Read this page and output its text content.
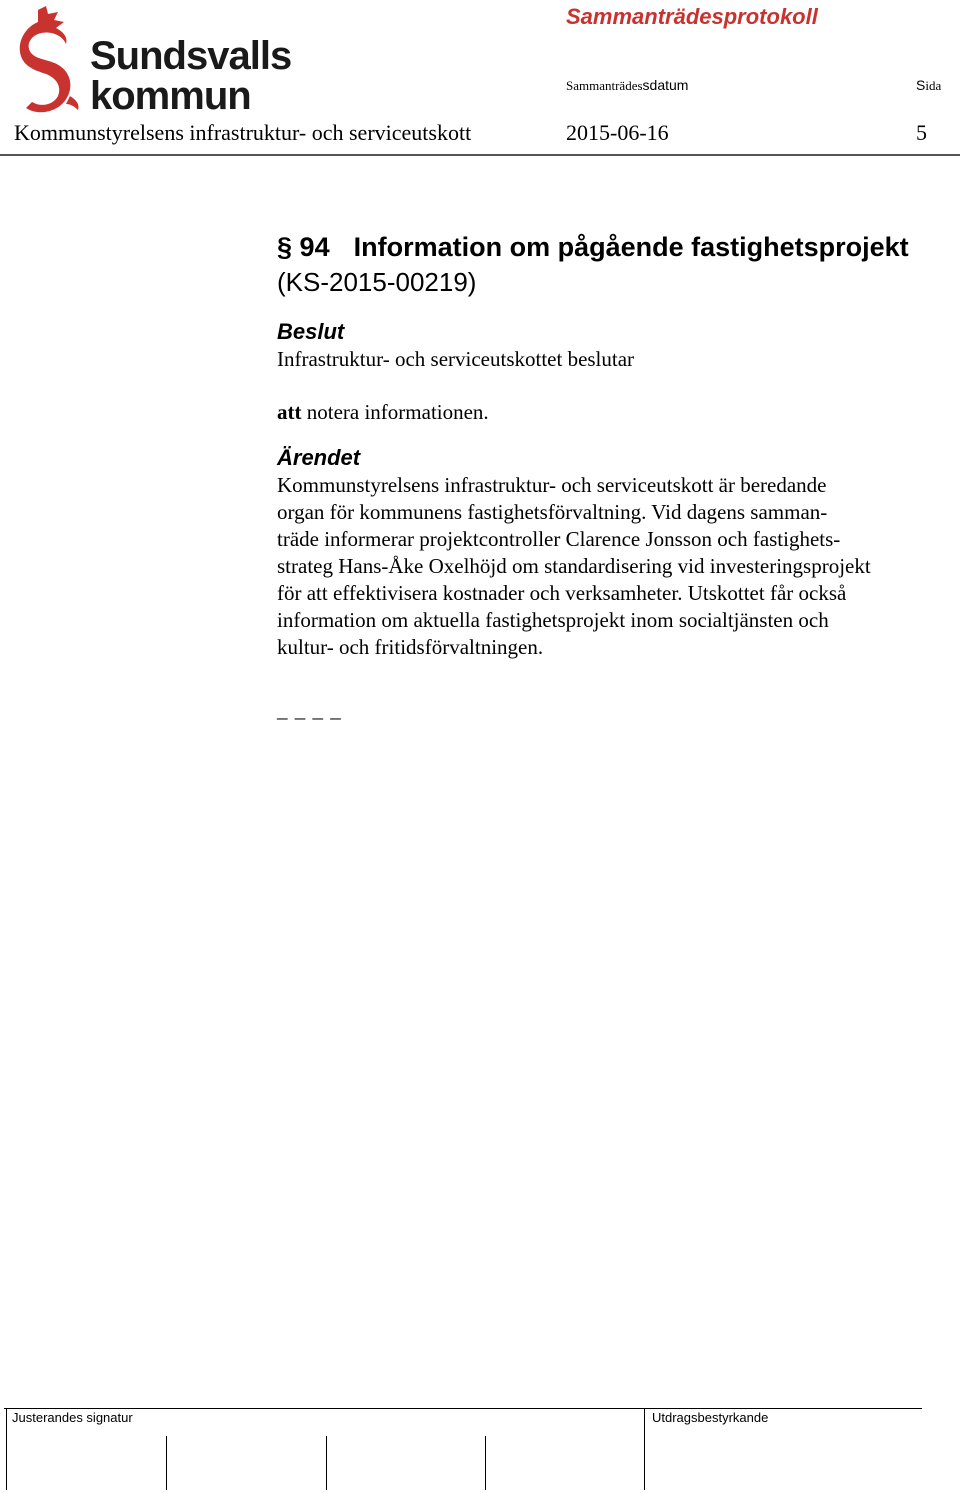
Sundsvalls
kommun
Sammanträdesprotokoll
Sammanträdessdatum	Sida
Kommunstyrelsens infrastruktur- och serviceutskott	2015-06-16	5
§ 94 Information om pågående fastighetsprojekt
(KS-2015-00219)
Beslut
Infrastruktur- och serviceutskottet beslutar
att notera informationen.
Ärendet
Kommunstyrelsens infrastruktur- och serviceutskott är beredande
organ för kommunens fastighetsförvaltning. Vid dagens samman-
träde informerar projektcontroller Clarence Jonsson och fastighets-
strateg Hans-Åke Oxelhöjd om standardisering vid investeringsprojekt
för att effektivisera kostnader och verksamheter. Utskottet får också
information om aktuella fastighetsprojekt inom socialtjänsten och
kultur- och fritidsförvaltningen.
_ _ _ _
Justerandes signatur	Utdragsbestyrkande
